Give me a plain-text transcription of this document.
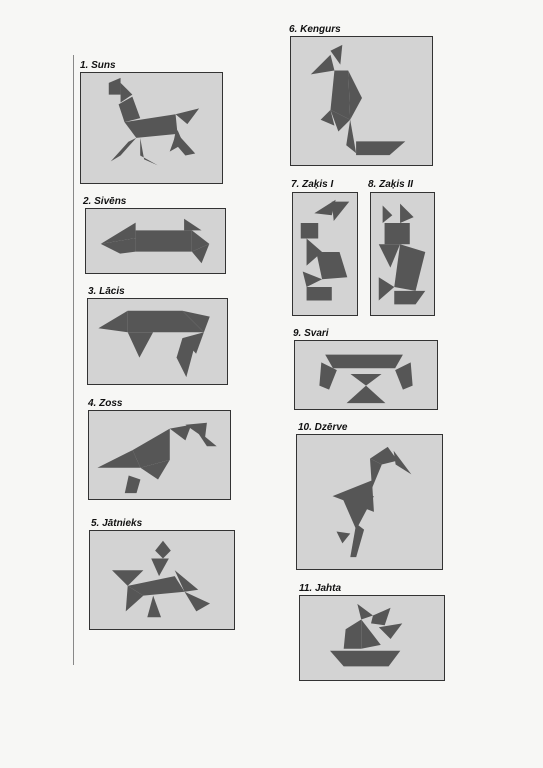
1. Suns
2. Sivēns
3. Lācis
4. Zoss
5. Jātnieks
6. Kengurs
7. Zaķis I	8. Zaķis II
9. Svari
10. Dzērve
11. Jahta
